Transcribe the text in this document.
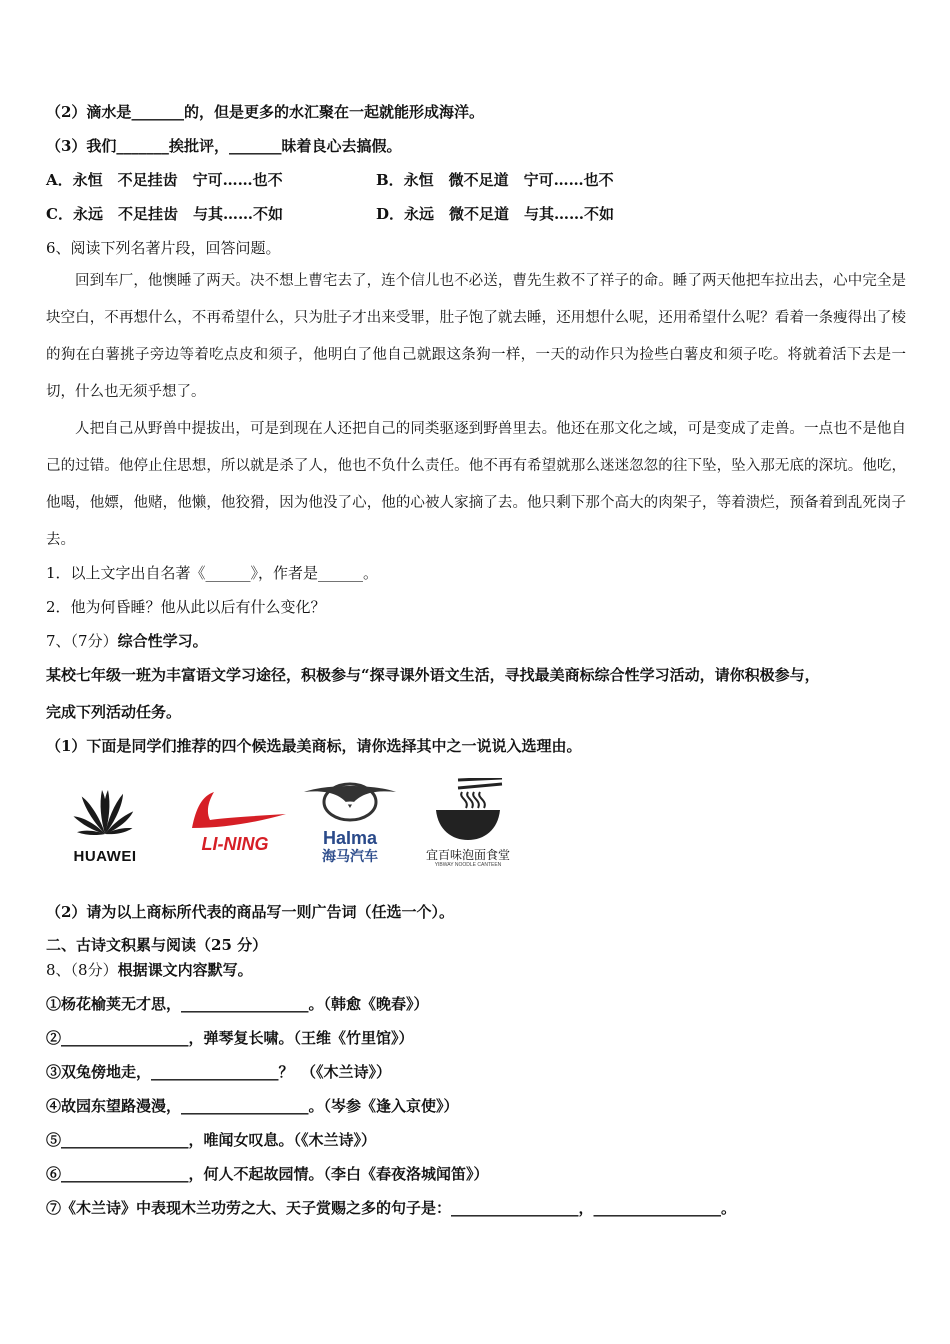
（2）滴水是_______的，但是更多的水汇聚在一起就能形成海洋。
（3）我们_______挨批评，_______昧着良心去搞假。
A．永恒　不足挂齿　宁可……也不	B．永恒　微不足道　宁可……也不
C．永远　不足挂齿　与其……不如	D．永远　微不足道　与其……不如
6、阅读下列名著片段，回答问题。

回到车厂，他懊睡了两天。决不想上曹宅去了，连个信儿也不必送，曹先生救不了祥子的命。睡了两天他把车拉出去，心中完全是块空白，不再想什么，不再希望什么，只为肚子才出来受罪，肚子饱了就去睡，还用想什么呢，还用希望什么呢？看着一条瘦得出了棱的狗在白薯挑子旁边等着吃点皮和须子，他明白了他自己就跟这条狗一样，一天的动作只为捡些白薯皮和须子吃。将就着活下去是一切，什么也无须乎想了。

人把自己从野兽中提拔出，可是到现在人还把自己的同类驱逐到野兽里去。他还在那文化之域，可是变成了走兽。一点也不是他自己的过错。他停止住思想，所以就是杀了人，他也不负什么责任。他不再有希望就那么迷迷忽忽的往下坠，坠入那无底的深坑。他吃，他喝，他嫖，他赌，他懒，他狡猾，因为他没了心，他的心被人家摘了去。他只剩下那个高大的肉架子，等着溃烂，预备着到乱死岗子去。

1．以上文字出自名著《______》，作者是______。
2．他为何昏睡？他从此以后有什么变化？
7、（7分）综合性学习。
某校七年级一班为丰富语文学习途径，积极参与“探寻课外语文生活，寻找最美商标综合性学习活动，请你积极参与，
完成下列活动任务。
（1）下面是同学们推荐的四个候选最美商标，请你选择其中之一说说入选理由。
HUAWEI
LI-NING	HaIma
海马汽车	宜百味泡面食堂
YIBWAY NOODLE CANTEEN
（2）请为以上商标所代表的商品写一则广告词（任选一个）。
二、古诗文积累与阅读（25 分）
8、（8分）根据课文内容默写。
①杨花榆荚无才思，_________________。（韩愈《晚春》）
②_________________，弹琴复长啸。（王维《竹里馆》）
③双兔傍地走，_________________？　（《木兰诗》）
④故园东望路漫漫，_________________。（岑参《逢入京使》）
⑤_________________，唯闻女叹息。（《木兰诗》）
⑥_________________，何人不起故园情。（李白《春夜洛城闻笛》）
⑦《木兰诗》中表现木兰功劳之大、天子赏赐之多的句子是：_________________，_________________。
